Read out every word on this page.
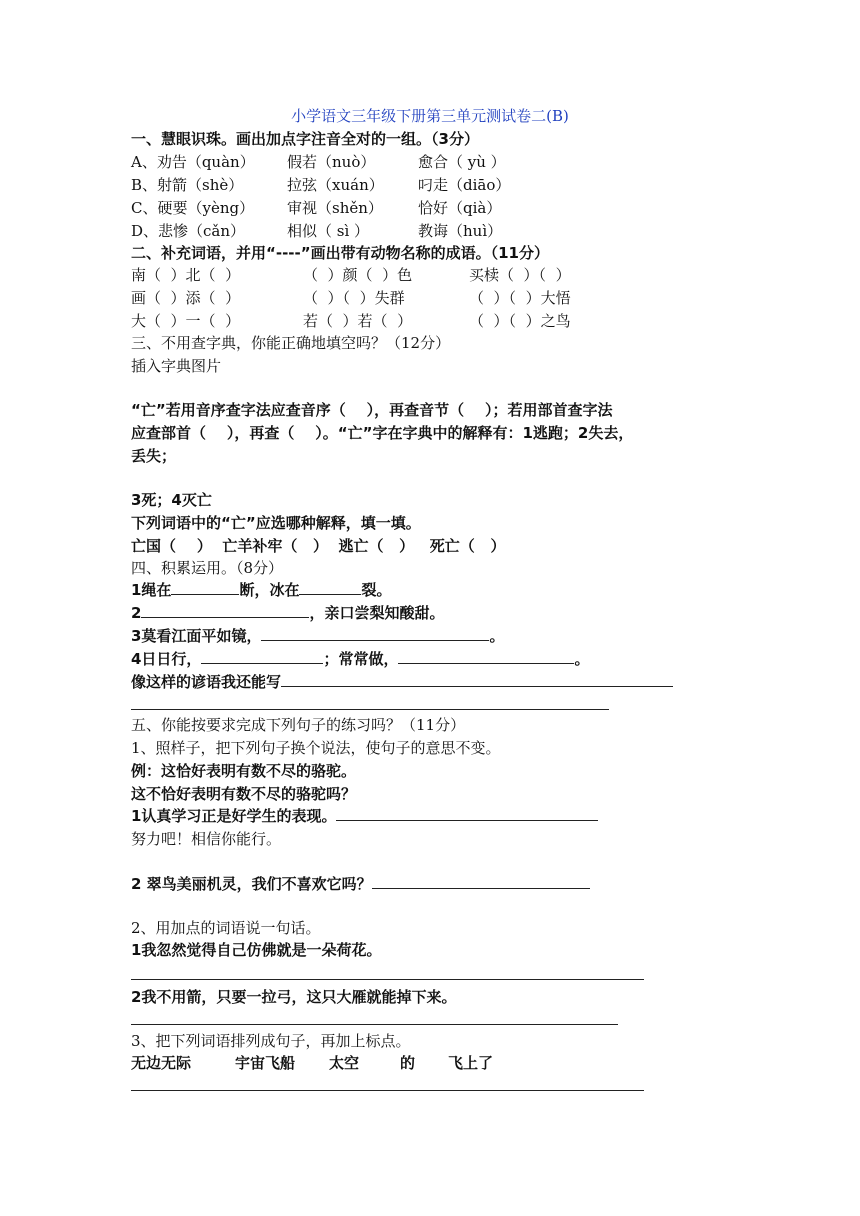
小学语文三年级下册第三单元测试卷二(B)
一、慧眼识珠。画出加点字注音全对的一组。（3分）
A、劝告（quàn） 假若（nuò）	愈合（ yù ）
B、射箭（shè）	拉弦（xuán） 叼走（diāo）
C、硬要（yèng） 审视（shěn） 恰好（qià）
D、悲惨（cǎn）	相似（ sì ）	教诲（huì）
二、补充词语，并用“----”画出带有动物名称的成语。（11分）
南（  ）北（  ）	（  ）颜（  ）色	买椟（  ）（  ）
画（  ）添（  ）	（  ）（  ）失群	（  ）（  ）大悟
大（  ）一（  ）	若（  ）若（  ）	（  ）（  ）之鸟
三、不用查字典，你能正确地填空吗？（12分）
插入字典图片
“亡”若用音序查字法应查音序（    ），再查音节（    ）；若用部首查字法
应查部首（    ），再查（    ）。“亡”字在字典中的解释有：1逃跑；2失去，
丢失；
3死；4灭亡
下列词语中的“亡”应选哪种解释，填一填。
亡国（    ）  亡羊补牢（   ）  逃亡（   ）   死亡（   ）
四、积累运用。（8分）
1绳在	断，冰在	裂。
2	，亲口尝梨知酸甜。
3莫看江面平如镜，	。
4日日行，	；常常做，	。
像这样的谚语我还能写
五、你能按要求完成下列句子的练习吗？（11分）
1、照样子，把下列句子换个说法，使句子的意思不变。
例：这恰好表明有数不尽的骆驼。
这不恰好表明有数不尽的骆驼吗？
1认真学习正是好学生的表现。
努力吧！相信你能行。
2 翠鸟美丽机灵，我们不喜欢它吗？
2、用加点的词语说一句话。
1我忽然觉得自己仿佛就是一朵荷花。
2我不用箭，只要一拉弓，这只大雁就能掉下来。
3、把下列词语排列成句子，再加上标点。
无边无际	宇宙飞船 太空	的 飞上了
